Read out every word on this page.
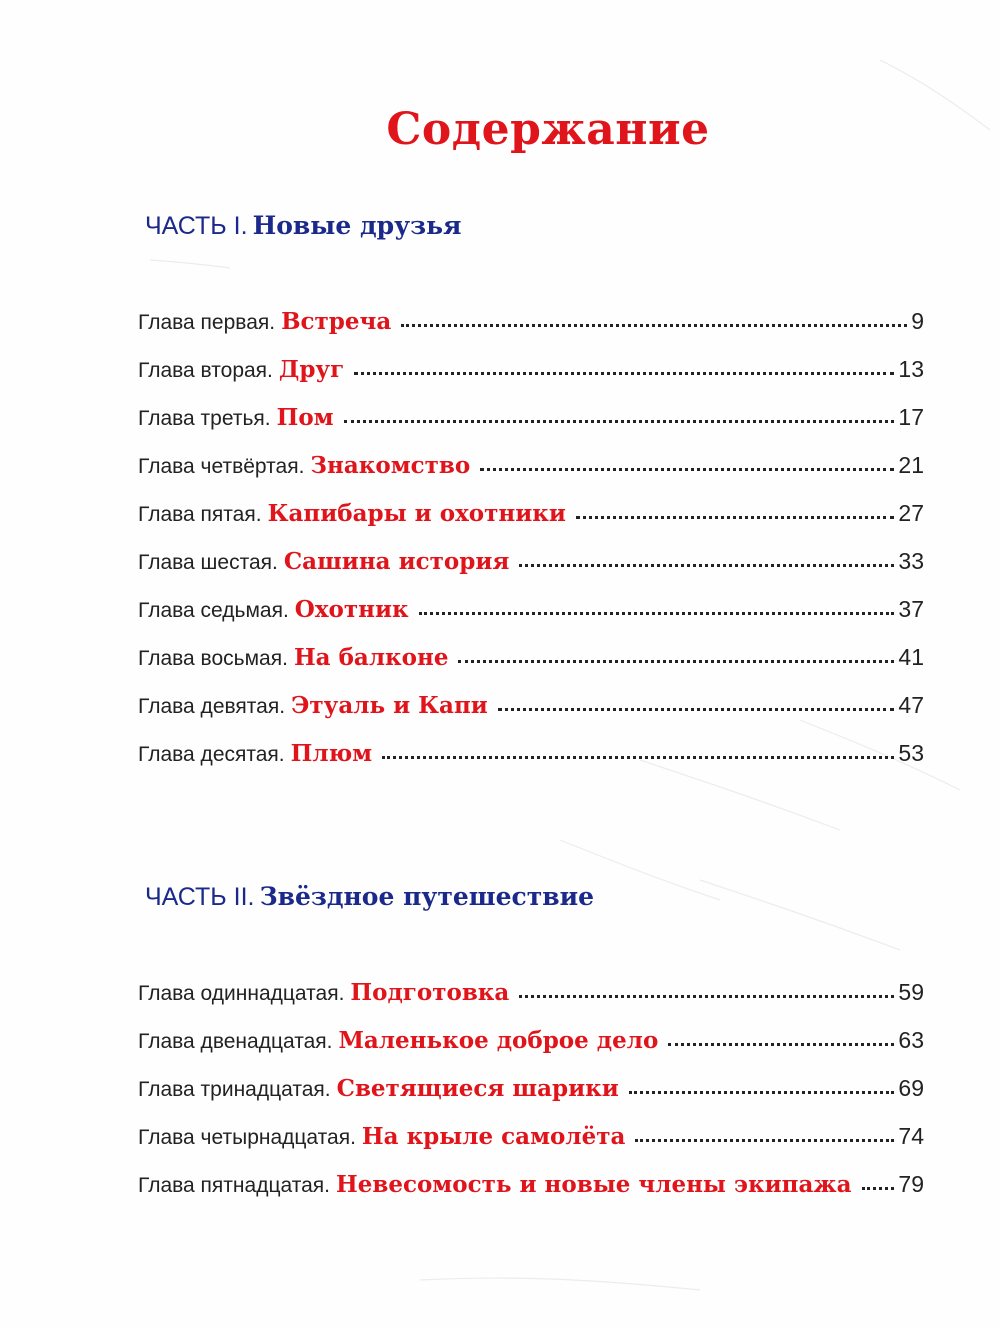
Содержание
ЧАСТЬ I. Новые друзья
Глава первая. Встреча	9
Глава вторая. Друг	13
Глава третья. Пом	17
Глава четвёртая. Знакомство	21
Глава пятая. Капибары и охотники	27
Глава шестая. Сашина история	33
Глава седьмая. Охотник	37
Глава восьмая. На балконе	41
Глава девятая. Этуаль и Капи	47
Глава десятая. Плюм	53
ЧАСТЬ II. Звёздное путешествие
Глава одиннадцатая. Подготовка	59
Глава двенадцатая. Маленькое доброе дело	63
Глава тринадцатая. Светящиеся шарики	69
Глава четырнадцатая. На крыле самолёта	74
Глава пятнадцатая. Невесомость и новые члены экипажа 79
